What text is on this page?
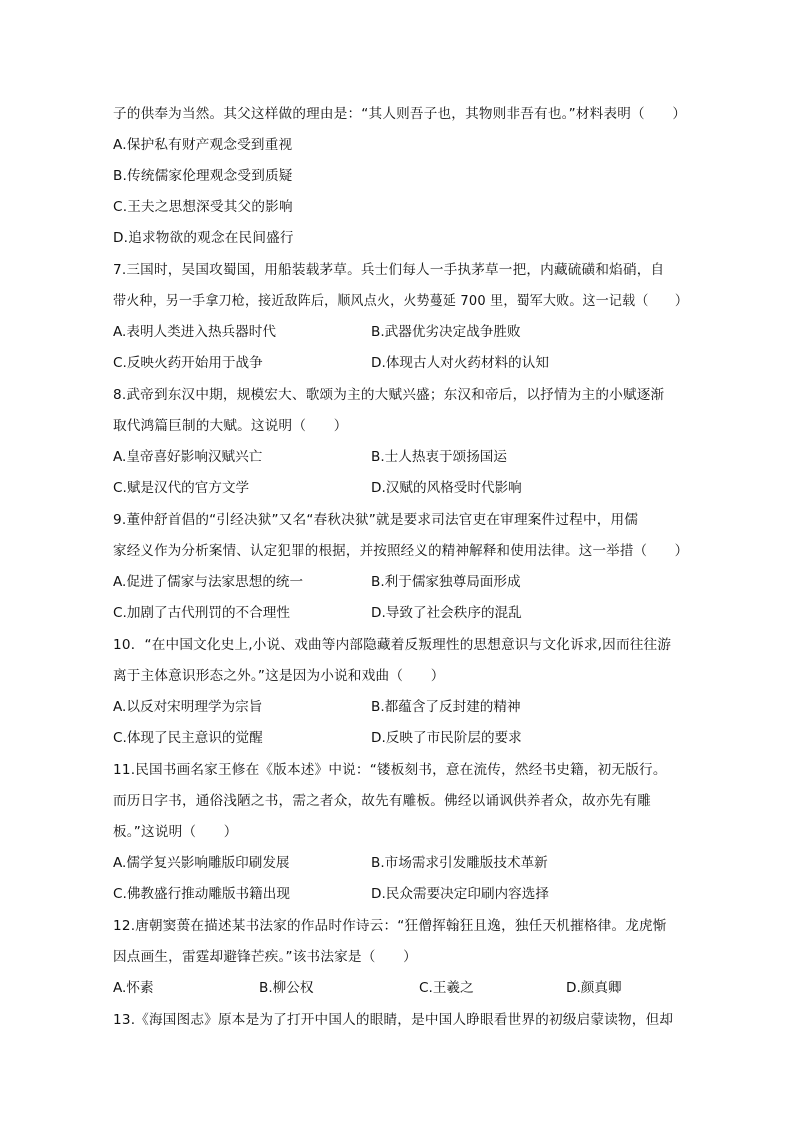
子的供奉为当然。其父这样做的理由是：“其人则吾子也，其物则非吾有也。”材料表明（　　）
A.保护私有财产观念受到重视
B.传统儒家伦理观念受到质疑
C.王夫之思想深受其父的影响
D.追求物欲的观念在民间盛行
7.三国时，吴国攻蜀国，用船装载茅草。兵士们每人一手执茅草一把，内藏硫磺和焰硝，自
带火种，另一手拿刀枪，接近敌阵后，顺风点火，火势蔓延 700 里，蜀军大败。这一记载（　　）
A.表明人类进入热兵器时代	B.武器优劣决定战争胜败
C.反映火药开始用于战争	D.体现古人对火药材料的认知
8.武帝到东汉中期，规模宏大、歌颂为主的大赋兴盛；东汉和帝后，以抒情为主的小赋逐渐
取代鸿篇巨制的大赋。这说明（　　）
A.皇帝喜好影响汉赋兴亡	B.士人热衷于颂扬国运
C.赋是汉代的官方文学	D.汉赋的风格受时代影响
9.董仲舒首倡的“引经决狱”又名“春秋决狱”就是要求司法官吏在审理案件过程中，用儒
家经义作为分析案情、认定犯罪的根据，并按照经义的精神解释和使用法律。这一举措（　　）
A.促进了儒家与法家思想的统一	B.利于儒家独尊局面形成
C.加剧了古代刑罚的不合理性	D.导致了社会秩序的混乱
10．“在中国文化史上,小说、戏曲等内部隐藏着反叛理性的思想意识与文化诉求,因而往往游
离于主体意识形态之外。”这是因为小说和戏曲（　　）
A.以反对宋明理学为宗旨	B.都蕴含了反封建的精神
C.体现了民主意识的觉醒	D.反映了市民阶层的要求
11.民国书画名家王修在《版本述》中说：“镂板刻书，意在流传，然经书史籍，初无版行。
而历日字书，通俗浅陋之书，需之者众，故先有雕板。佛经以诵讽供养者众，故亦先有雕
板。”这说明（　　）
A.儒学复兴影响雕版印刷发展	B.市场需求引发雕版技术革新
C.佛教盛行推动雕版书籍出现	D.民众需要决定印刷内容选择
12.唐朝窦蒉在描述某书法家的作品时作诗云：“狂僧挥翰狂且逸，独任天机摧格律。龙虎惭
因点画生，雷霆却避锋芒疾。”该书法家是（　　）
A.怀素	B.柳公权	C.王羲之	D.颜真卿
13.《海国图志》原本是为了打开中国人的眼睛，是中国人睁眼看世界的初级启蒙读物，但却
